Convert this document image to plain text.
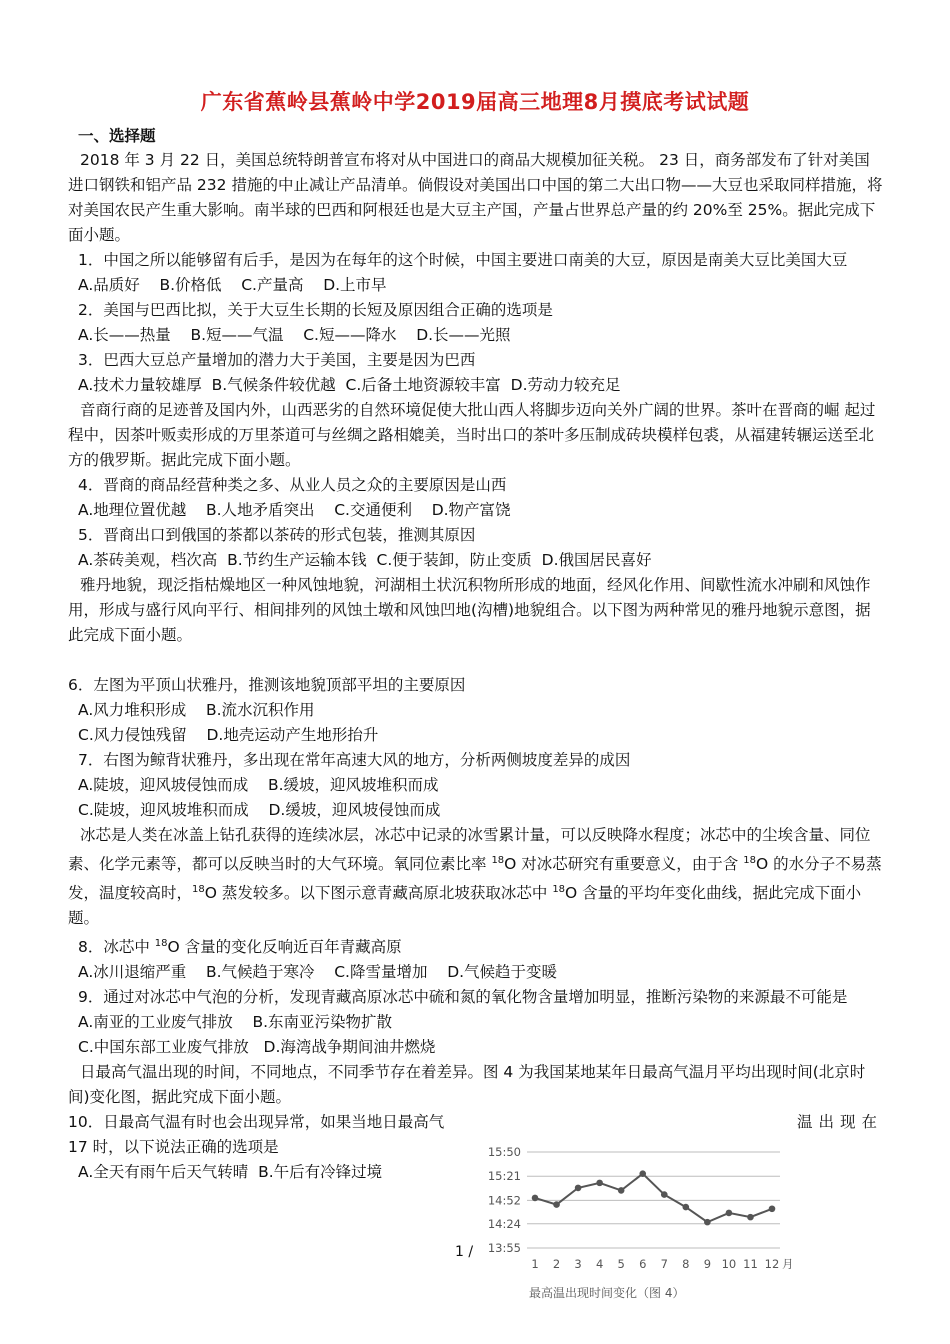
广东省蕉岭县蕉岭中学2019届高三地理8月摸底考试试题
一、选择题

2018 年 3 月 22 日，美国总统特朗普宣布将对从中国进口的商品大规模加征关税。 23 日，商务部发布了针对美国进口钢铁和铝产品 232 措施的中止减让产品清单。倘假设对美国出口中国的第二大出口物——大豆也采取同样措施，将对美国农民产生重大影响。南半球的巴西和阿根廷也是大豆主产国，产量占世界总产量的约 20%至 25%。据此完成下面小题。

1．中国之所以能够留有后手，是因为在每年的这个时候，中国主要进口南美的大豆，原因是南美大豆比美国大豆

A.品质好    B.价格低    C.产量高    D.上市早

2．美国与巴西比拟，关于大豆生长期的长短及原因组合正确的选项是

A.长——热量    B.短——气温    C.短——降水    D.长——光照

3．巴西大豆总产量增加的潜力大于美国，主要是因为巴西

A.技术力量较雄厚  B.气候条件较优越  C.后备土地资源较丰富  D.劳动力较充足

音商行商的足迹普及国内外，山西恶劣的自然环境促使大批山西人将脚步迈向关外广阔的世界。茶叶在晋商的崛 起过程中，因茶叶贩卖形成的万里茶道可与丝绸之路相媲美，当时出口的茶叶多压制成砖块模样包裘，从福建转辗运送至北方的俄罗斯。据此完成下面小题。

4．晋商的商品经营种类之多、从业人员之众的主要原因是山西

A.地理位置优越    B.人地矛盾突出    C.交通便利    D.物产富饶

5．晋商出口到俄国的茶都以茶砖的形式包装，推测其原因

A.茶砖美观，档次高  B.节约生产运输本钱  C.便于装卸，防止变质  D.俄国居民喜好

雅丹地貌，现泛指枯燥地区一种风蚀地貌，河湖相土状沉积物所形成的地面，经风化作用、间歇性流水冲刷和风蚀作用，形成与盛行风向平行、相间排列的风蚀土墩和风蚀凹地(沟槽)地貌组合。以下图为两种常见的雅丹地貌示意图，据此完成下面小题。

6．左图为平顶山状雅丹，推测该地貌顶部平坦的主要原因

A.风力堆积形成    B.流水沉积作用

C.风力侵蚀残留    D.地壳运动产生地形抬升

7．右图为鲸背状雅丹，多出现在常年高速大风的地方，分析两侧坡度差异的成因

A.陡坡，迎风坡侵蚀而成    B.缓坡，迎风坡堆积而成

C.陡坡，迎风坡堆积而成    D.缓坡，迎风坡侵蚀而成

冰芯是人类在冰盖上钻孔获得的连续冰层，冰芯中记录的冰雪累计量，可以反映降水程度；冰芯中的尘埃含量、同位素、化学元素等，都可以反映当时的大气环境。氧同位素比率 $^{18}$O 对冰芯研究有重要意义，由于含 $^{18}$O 的水分子不易蒸发，温度较高时，$^{18}$O 蒸发较多。以下图示意青藏高原北坡获取冰芯中 $^{18}$O 含量的平均年变化曲线，据此完成下面小题。

8．冰芯中 $^{18}$O 含量的变化反响近百年青藏高原

A.冰川退缩严重    B.气候趋于寒冷    C.降雪量增加    D.气候趋于变暖

9．通过对冰芯中气泡的分析，发现青藏高原冰芯中硫和氮的氧化物含量增加明显，推断污染物的来源最不可能是

A.南亚的工业废气排放    B.东南亚污染物扩散

C.中国东部工业废气排放   D.海湾战争期间油井燃烧

日最高气温出现的时间，不同地点，不同季节存在着差异。图 4 为我国某地某年日最高气温月平均出现时间(北京时间)变化图，据此究成下面小题。

10．日最高气温有时也会出现异常，如果当地日最高气	温出现在
17 时，以下说法正确的选项是

A.全天有雨午后天气转晴  B.午后有冷锋过境

1 /
15:50
15:21
14:52
14:24
13:55
1 2 3 4 5 6 7 8 9 10 11 12 月
最高温出现时间变化（图 4）
